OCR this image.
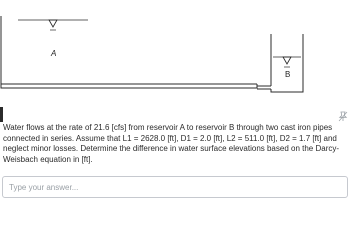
A
B

Water flows at the rate of 21.6 [cfs] from reservoir A to reservoir B through two cast iron pipes connected in series. Assume that L1 = 2628.0 [ft], D1 = 2.0 [ft], L2 = 511.0 [ft], D2 = 1.7 [ft] and neglect minor losses. Determine the difference in water surface elevations based on the Darcy-Weisbach equation in [ft].

Type your answer...
